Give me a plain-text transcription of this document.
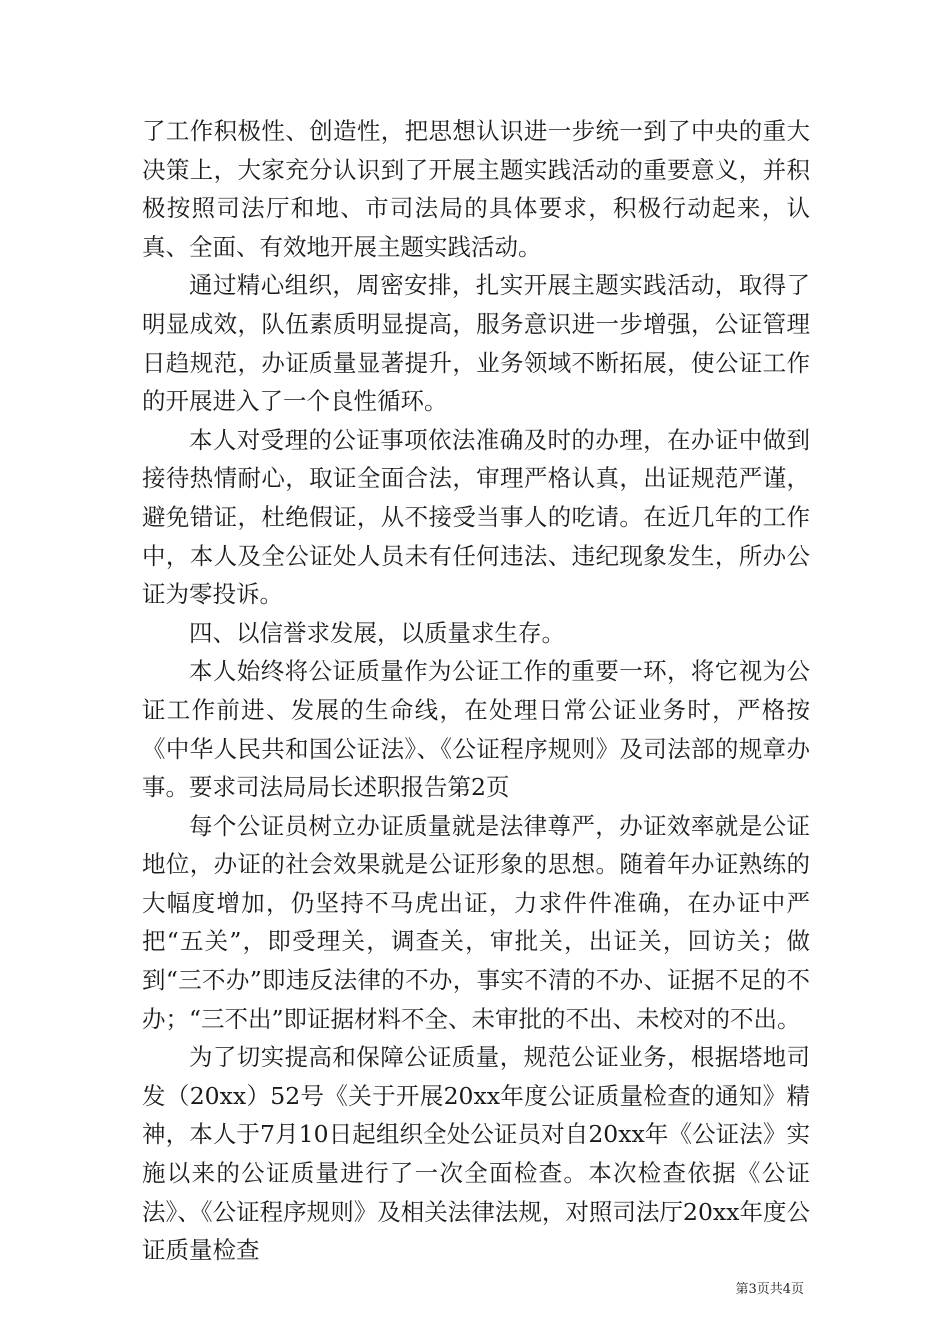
了工作积极性、创造性，把思想认识进一步统一到了中央的重大决策上，大家充分认识到了开展主题实践活动的重要意义，并积极按照司法厅和地、市司法局的具体要求，积极行动起来，认真、全面、有效地开展主题实践活动。

通过精心组织，周密安排，扎实开展主题实践活动，取得了明显成效，队伍素质明显提高，服务意识进一步增强，公证管理日趋规范，办证质量显著提升，业务领域不断拓展，使公证工作的开展进入了一个良性循环。

本人对受理的公证事项依法准确及时的办理，在办证中做到接待热情耐心，取证全面合法，审理严格认真，出证规范严谨，避免错证，杜绝假证，从不接受当事人的吃请。在近几年的工作中，本人及全公证处人员未有任何违法、违纪现象发生，所办公证为零投诉。

四、以信誉求发展，以质量求生存。

本人始终将公证质量作为公证工作的重要一环，将它视为公证工作前进、发展的生命线，在处理日常公证业务时，严格按《中华人民共和国公证法》、《公证程序规则》及司法部的规章办事。要求司法局局长述职报告第2页

每个公证员树立办证质量就是法律尊严，办证效率就是公证地位，办证的社会效果就是公证形象的思想。随着年办证熟练的大幅度增加，仍坚持不马虎出证，力求件件准确，在办证中严把“五关”，即受理关，调查关，审批关，出证关，回访关；做到“三不办”即违反法律的不办，事实不清的不办、证据不足的不办；“三不出”即证据材料不全、未审批的不出、未校对的不出。

为了切实提高和保障公证质量，规范公证业务，根据塔地司发（20xx）52号《关于开展20xx年度公证质量检查的通知》精神，本人于7月10日起组织全处公证员对自20xx年《公证法》实施以来的公证质量进行了一次全面检查。本次检查依据《公证法》、《公证程序规则》及相关法律法规，对照司法厅20xx年度公证质量检查

第3页共4页
